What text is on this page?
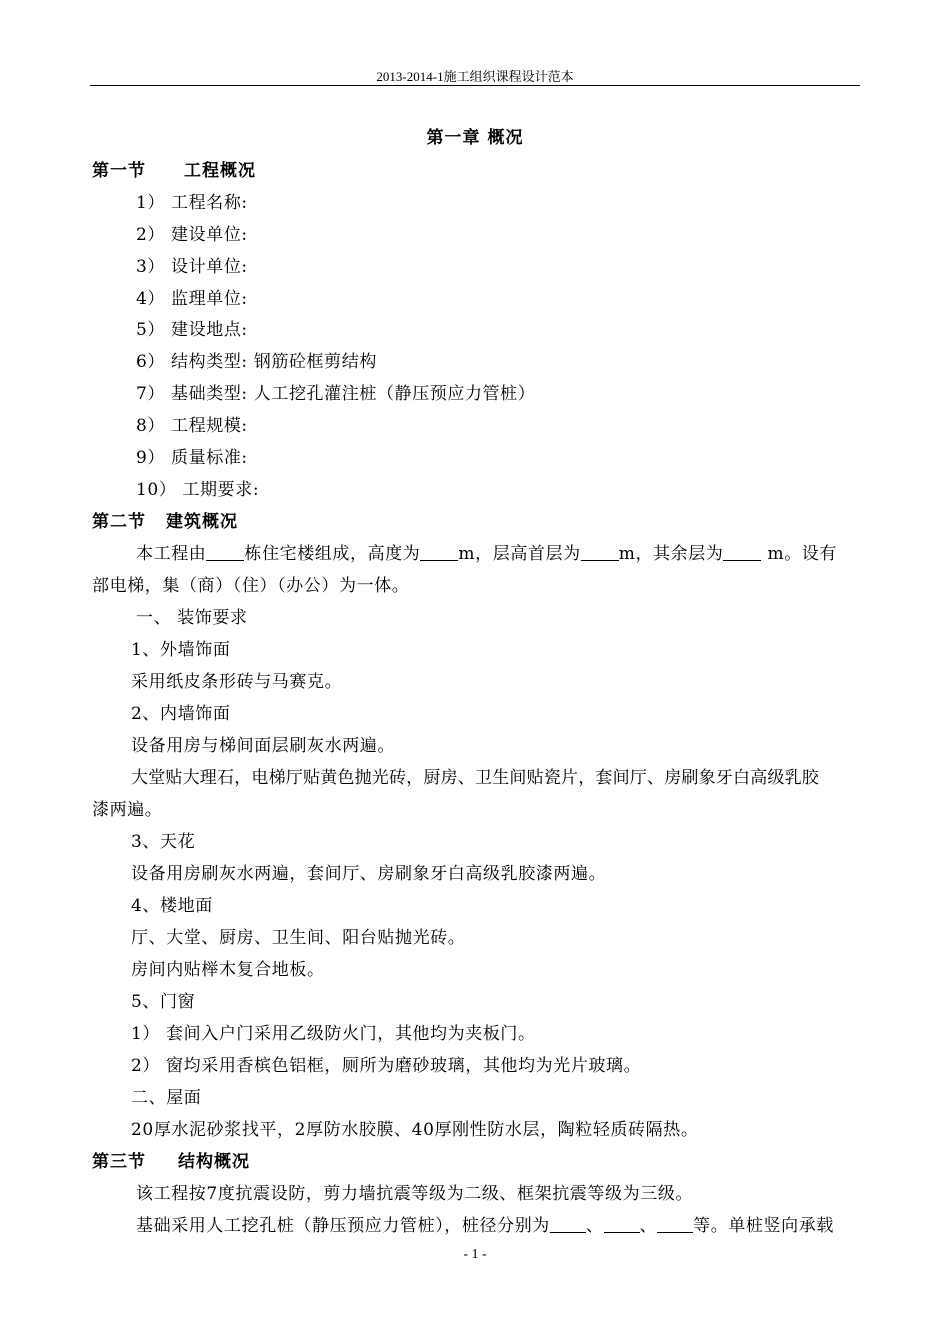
2013-2014-1施工组织课程设计范本
第一章 概况
第一节 工程概况
1） 工程名称:
2） 建设单位:
3） 设计单位:
4） 监理单位:
5） 建设地点:
6） 结构类型: 钢筋砼框剪结构
7） 基础类型: 人工挖孔灌注桩（静压预应力管桩）
8） 工程规模:
9） 质量标准:
10） 工期要求:
第二节 建筑概况
本工程由 栋住宅楼组成，高度为 m，层高首层为 m，其余层为 m。设有
部电梯，集（商）（住）（办公）为一体。
一、 装饰要求
1、外墙饰面
采用纸皮条形砖与马赛克。
2、内墙饰面
设备用房与梯间面层刷灰水两遍。
大堂贴大理石，电梯厅贴黄色抛光砖，厨房、卫生间贴瓷片，套间厅、房刷象牙白高级乳胶
漆两遍。
3、天花
设备用房刷灰水两遍，套间厅、房刷象牙白高级乳胶漆两遍。
4、楼地面
厅、大堂、厨房、卫生间、阳台贴抛光砖。
房间内贴榉木复合地板。
5、门窗
1） 套间入户门采用乙级防火门，其他均为夹板门。
2） 窗均采用香槟色铝框，厕所为磨砂玻璃，其他均为光片玻璃。
二、屋面
20厚水泥砂浆找平，2厚防水胶膜、40厚刚性防水层，陶粒轻质砖隔热。
第三节 结构概况
该工程按7度抗震设防，剪力墙抗震等级为二级、框架抗震等级为三级。
基础采用人工挖孔桩（静压预应力管桩），桩径分别为 、 、 等。单桩竖向承载
- 1 -
